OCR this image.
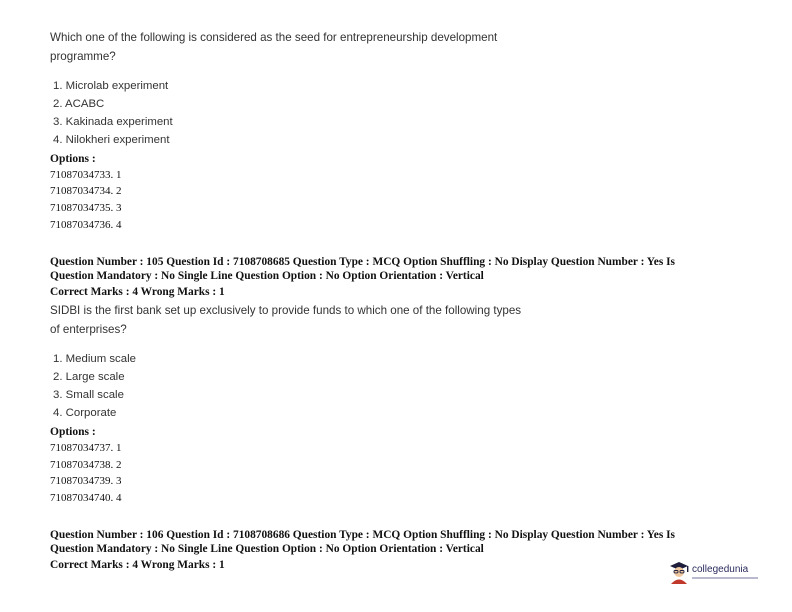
Which one of the following is considered as the seed for entrepreneurship development
programme?
1. Microlab experiment
2. ACABC
3. Kakinada experiment
4. Nilokheri experiment
Options :
71087034733. 1
71087034734. 2
71087034735. 3
71087034736. 4
Question Number : 105 Question Id : 7108708685 Question Type : MCQ Option Shuffling : No Display Question Number : Yes Is
Question Mandatory : No Single Line Question Option : No Option Orientation : Vertical
Correct Marks : 4 Wrong Marks : 1
SIDBI is the first bank set up exclusively to provide funds to which one of the following types
of enterprises?
1. Medium scale
2. Large scale
3. Small scale
4. Corporate
Options :
71087034737. 1
71087034738. 2
71087034739. 3
71087034740. 4
Question Number : 106 Question Id : 7108708686 Question Type : MCQ Option Shuffling : No Display Question Number : Yes Is
Question Mandatory : No Single Line Question Option : No Option Orientation : Vertical
Correct Marks : 4 Wrong Marks : 1	collegedunia
